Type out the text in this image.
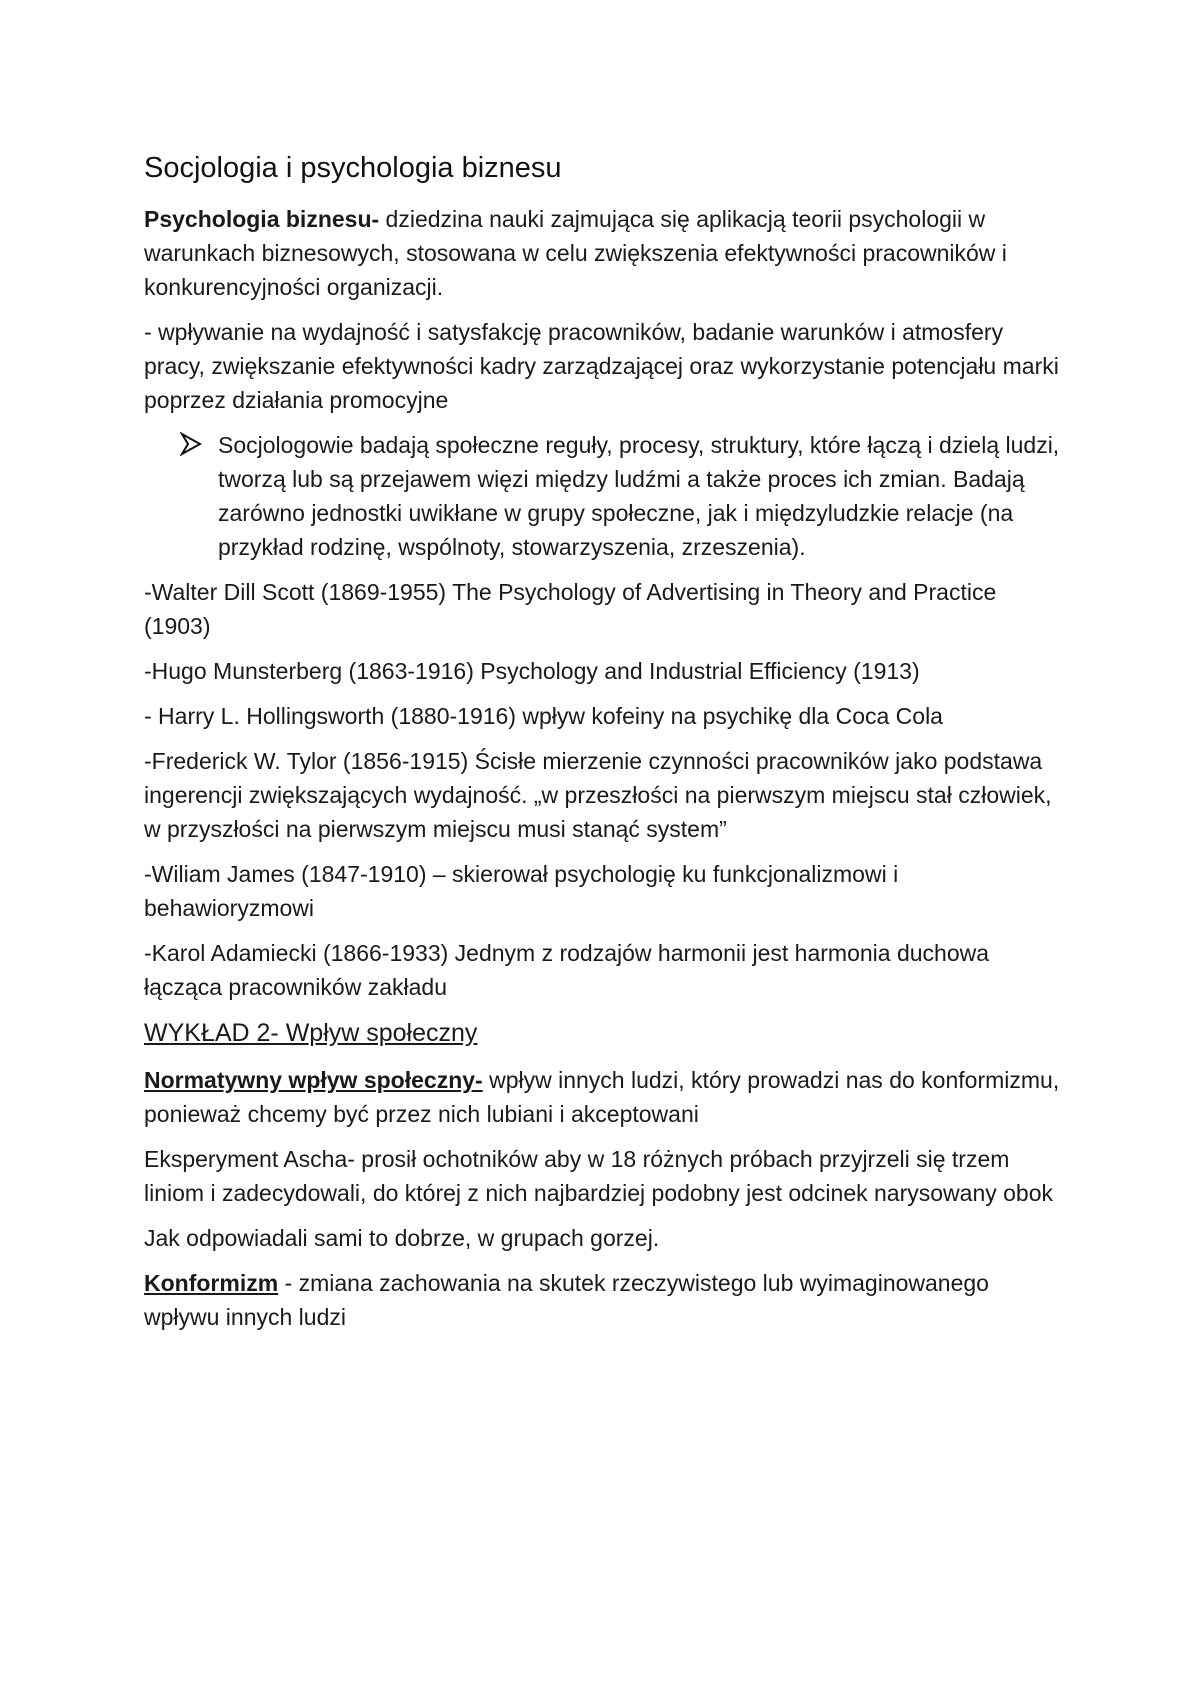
Socjologia i psychologia biznesu

Psychologia biznesu- dziedzina nauki zajmująca się aplikacją teorii psychologii w warunkach biznesowych, stosowana w celu zwiększenia efektywności pracowników i konkurencyjności organizacji.

- wpływanie na wydajność i satysfakcję pracowników, badanie warunków i atmosfery pracy, zwiększanie efektywności kadry zarządzającej oraz wykorzystanie potencjału marki poprzez działania promocyjne

Socjologowie badają społeczne reguły, procesy, struktury, które łączą i dzielą ludzi, tworzą lub są przejawem więzi między ludźmi a także proces ich zmian. Badają zarówno jednostki uwikłane w grupy społeczne, jak i międzyludzkie relacje (na przykład rodzinę, wspólnoty, stowarzyszenia, zrzeszenia).

-Walter Dill Scott (1869-1955) The Psychology of Advertising in Theory and Practice (1903)

-Hugo Munsterberg (1863-1916) Psychology and Industrial Efficiency (1913)

- Harry L. Hollingsworth (1880-1916) wpływ kofeiny na psychikę dla Coca Cola

-Frederick W. Tylor (1856-1915) Ścisłe mierzenie czynności pracowników jako podstawa ingerencji zwiększających wydajność. „w przeszłości na pierwszym miejscu stał człowiek, w przyszłości na pierwszym miejscu musi stanąć system”

-Wiliam James (1847-1910) – skierował psychologię ku funkcjonalizmowi i behawioryzmowi

-Karol Adamiecki (1866-1933) Jednym z rodzajów harmonii jest harmonia duchowa łącząca pracowników zakładu

WYKŁAD 2- Wpływ społeczny

Normatywny wpływ społeczny- wpływ innych ludzi, który prowadzi nas do konformizmu, ponieważ chcemy być przez nich lubiani i akceptowani

Eksperyment Ascha- prosił ochotników aby w 18 różnych próbach przyjrzeli się trzem liniom i zadecydowali, do której z nich najbardziej podobny jest odcinek narysowany obok

Jak odpowiadali sami to dobrze, w grupach gorzej.

Konformizm - zmiana zachowania na skutek rzeczywistego lub wyimaginowanego wpływu innych ludzi
